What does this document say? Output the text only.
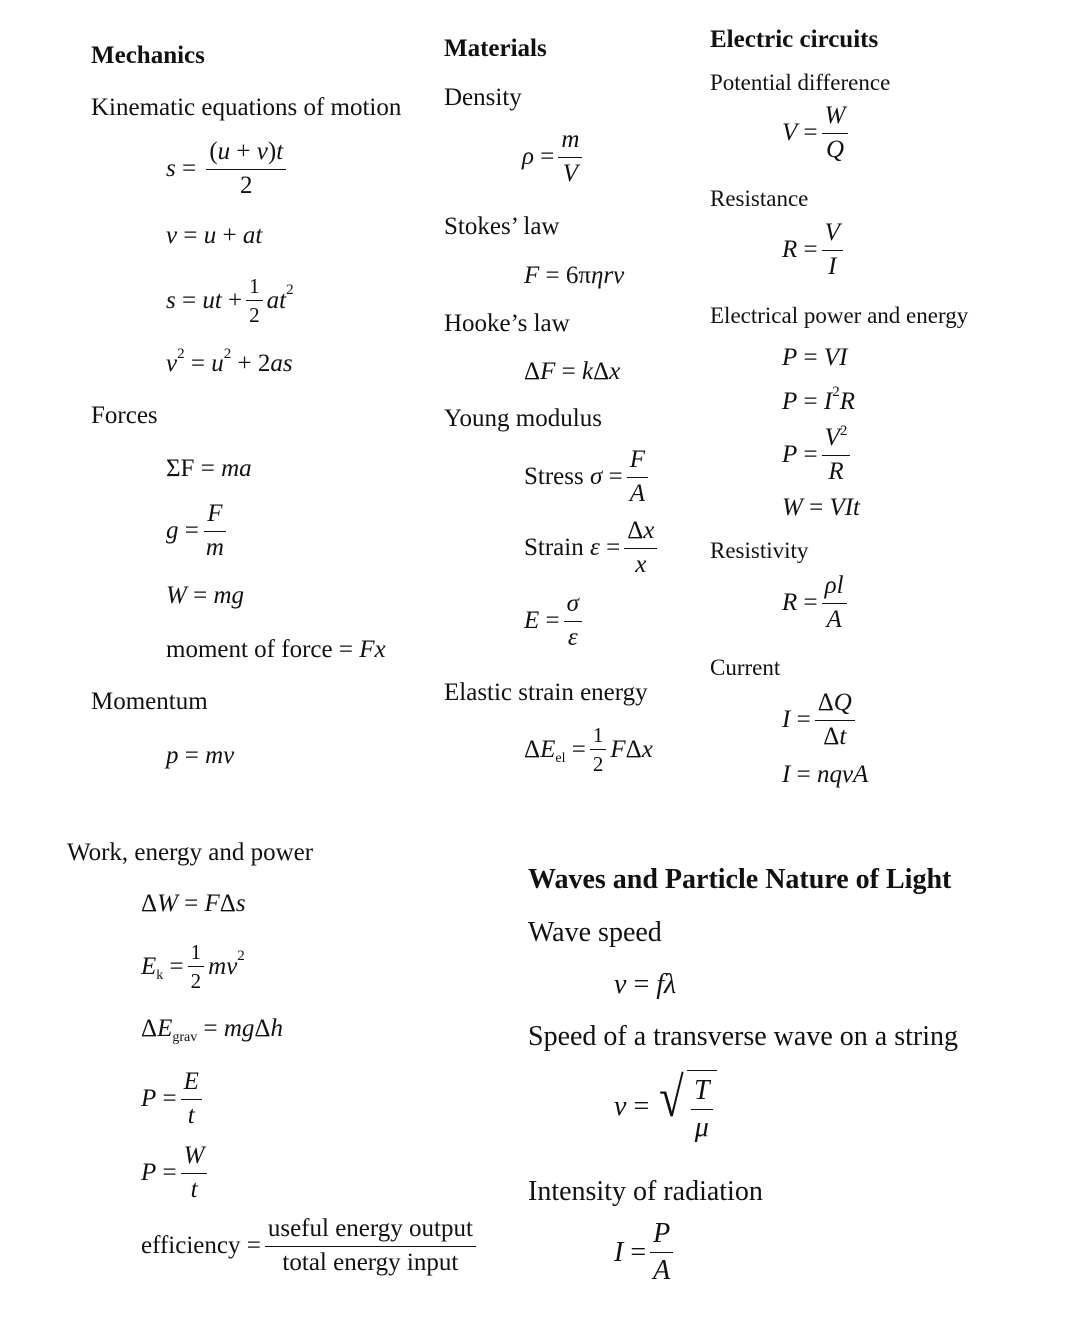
Mechanics
Kinematic equations of motion
$s = \frac{(u + v)t}{2}$
v = u + at
s = ut + $\frac{1}{2}$ at 2
v 2 = u 2 + 2 as
Forces
ΣF = ma
$g = \frac{F}{m}$
W = mg
moment of force = Fx
Momentum
p = mv
Materials
Density
$\rho = \frac{m}{V}$
Stokes’ law
F = 6π ηrv
Hooke’s law
Δ F = k Δ x
Young modulus
Stress
$\sigma = \frac{F}{A}$
Strain
$\varepsilon = \frac{\Delta x}{x}$
$E = \frac{\sigma}{\varepsilon}$
Elastic strain energy
Δ E el = $\frac{1}{2}$ F Δ x
Electric circuits
Potential difference
$V = \frac{W}{Q}$
Resistance
$R = \frac{V}{I}$
Electrical power and energy
P = VI
P = I 2 R
$P = \frac{V^2}{R}$
W = VIt
Resistivity
$R = \frac{\rho l}{A}$
Current
$I = \frac{\Delta Q}{\Delta t}$
I = nqvA
Work, energy and power
Δ W = F Δ s
E $k = \frac{1}{2}$ mv 2
Δ E grav = mg Δ h
$P = \frac{E}{t}$
$P = \frac{W}{t}$
efficiency = $\frac{\text{useful energy output}}{\text{total energy input}}$
Waves and Particle Nature of Light
Wave speed
v = fλ
Speed of a transverse wave on a string
v = √ $\frac{T}{\mu}$
Intensity of radiation
$I = \frac{P}{A}$
